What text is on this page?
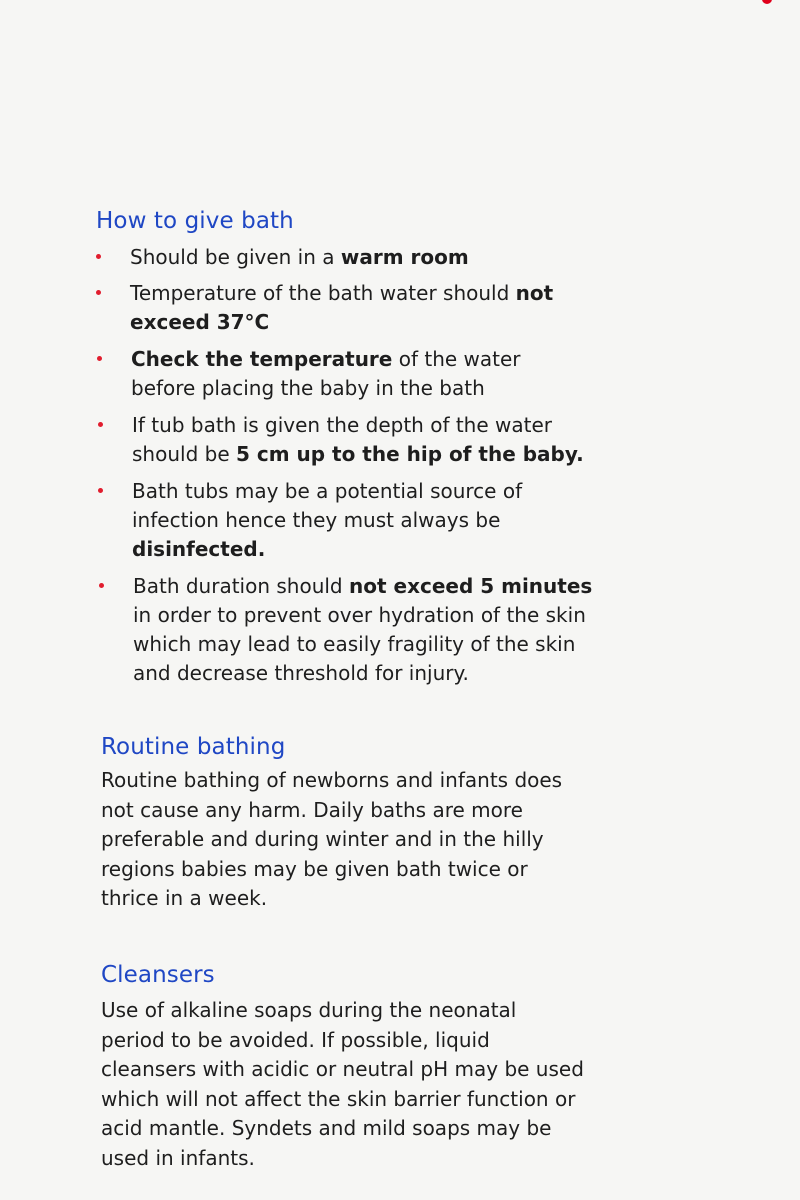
How to give bath
Should be given in a warm room
Temperature of the bath water should not exceed 37°C
Check the temperature of the water before placing the baby in the bath
If tub bath is given the depth of the water should be 5 cm up to the hip of the baby.
Bath tubs may be a potential source of infection hence they must always be disinfected.
Bath duration should not exceed 5 minutes in order to prevent over hydration of the skin which may lead to easily fragility of the skin and decrease threshold for injury.
Routine bathing

Routine bathing of newborns and infants does not cause any harm. Daily baths are more preferable and during winter and in the hilly regions babies may be given bath twice or thrice in a week.

Cleansers

Use of alkaline soaps during the neonatal period to be avoided. If possible, liquid cleansers with acidic or neutral pH may be used which will not affect the skin barrier function or acid mantle. Syndets and mild soaps may be used in infants.
